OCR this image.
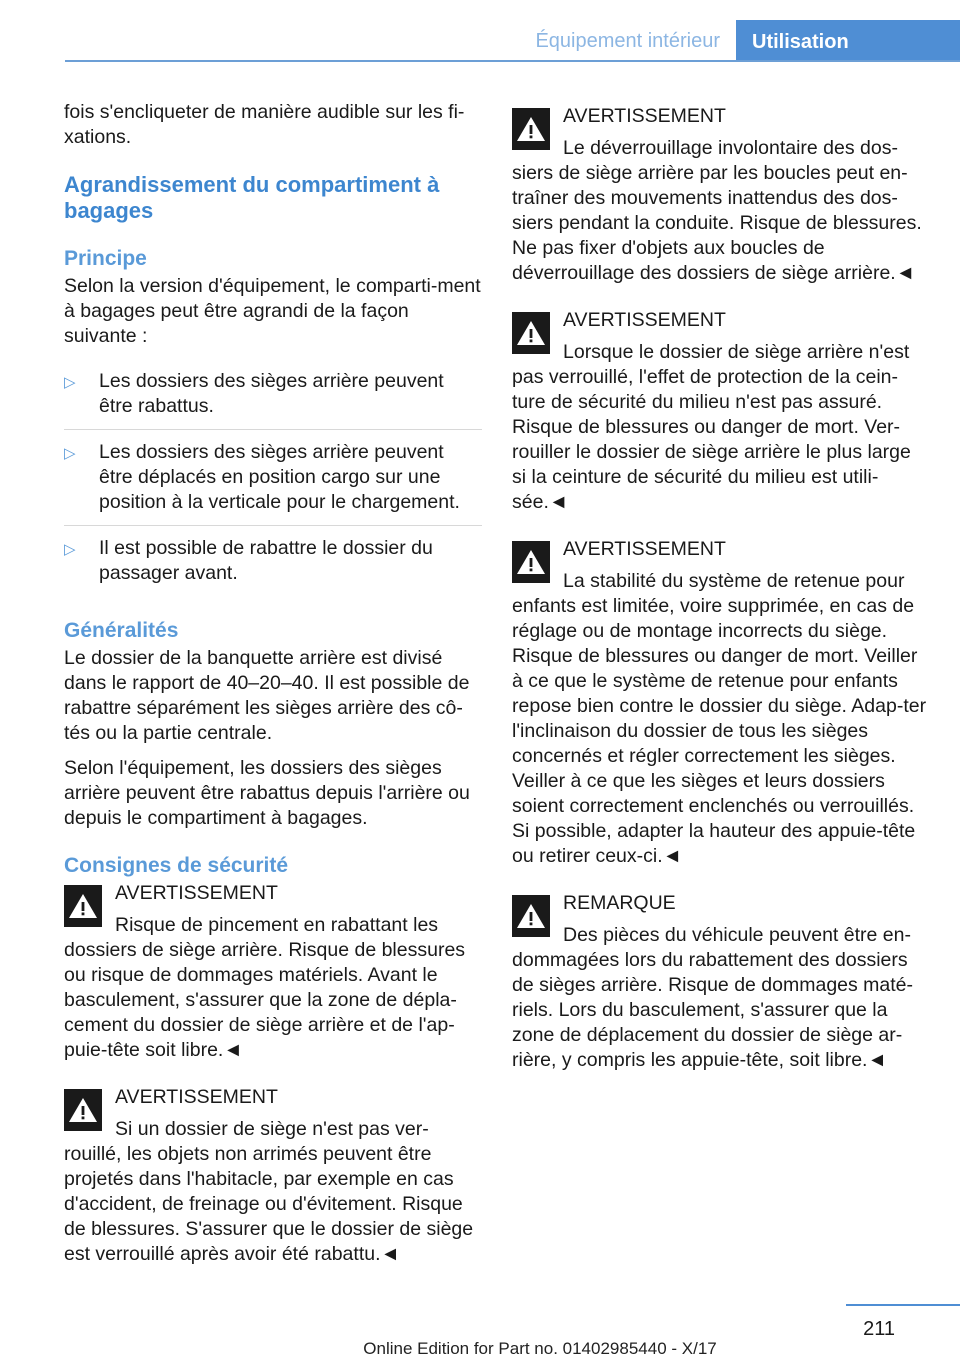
Équipement intérieur	Utilisation

fois s'encliqueter de manière audible sur les fi-xations.

Agrandissement du compartiment à bagages
Principe

Selon la version d'équipement, le comparti-ment à bagages peut être agrandi de la façon suivante :

▷ Les dossiers des sièges arrière peuvent être rabattus.
▷ Les dossiers des sièges arrière peuvent être déplacés en position cargo sur une position à la verticale pour le chargement.
▷ Il est possible de rabattre le dossier du passager avant.
Généralités

Le dossier de la banquette arrière est divisé dans le rapport de 40–20–40. Il est possible de rabattre séparément les sièges arrière des cô-tés ou la partie centrale.

Selon l'équipement, les dossiers des sièges arrière peuvent être rabattus depuis l'arrière ou depuis le compartiment à bagages.

Consignes de sécurité
AVERTISSEMENT
Risque de pincement en rabattant les dossiers de siège arrière. Risque de blessures ou risque de dommages matériels. Avant le basculement, s'assurer que la zone de dépla-cement du dossier de siège arrière et de l'ap-puie-tête soit libre.◄
AVERTISSEMENT
Si un dossier de siège n'est pas ver-rouillé, les objets non arrimés peuvent être projetés dans l'habitacle, par exemple en cas d'accident, de freinage ou d'évitement. Risque de blessures. S'assurer que le dossier de siège est verrouillé après avoir été rabattu.◄
AVERTISSEMENT
Le déverrouillage involontaire des dos-siers de siège arrière par les boucles peut en-traîner des mouvements inattendus des dos-siers pendant la conduite. Risque de blessures. Ne pas fixer d'objets aux boucles de déverrouillage des dossiers de siège arrière.◄
AVERTISSEMENT
Lorsque le dossier de siège arrière n'est pas verrouillé, l'effet de protection de la cein-ture de sécurité du milieu n'est pas assuré. Risque de blessures ou danger de mort. Ver-rouiller le dossier de siège arrière le plus large si la ceinture de sécurité du milieu est utili-sée.◄
AVERTISSEMENT
La stabilité du système de retenue pour enfants est limitée, voire supprimée, en cas de réglage ou de montage incorrects du siège. Risque de blessures ou danger de mort. Veiller à ce que le système de retenue pour enfants repose bien contre le dossier du siège. Adap-ter l'inclinaison du dossier de tous les sièges concernés et régler correctement les sièges. Veiller à ce que les sièges et leurs dossiers soient correctement enclenchés ou verrouillés. Si possible, adapter la hauteur des appuie-tête ou retirer ceux-ci.◄
REMARQUE
Des pièces du véhicule peuvent être en-dommagées lors du rabattement des dossiers de sièges arrière. Risque de dommages maté-riels. Lors du basculement, s'assurer que la zone de déplacement du dossier de siège ar-rière, y compris les appuie-tête, soit libre.◄
211
Online Edition for Part no. 01402985440 - X/17
